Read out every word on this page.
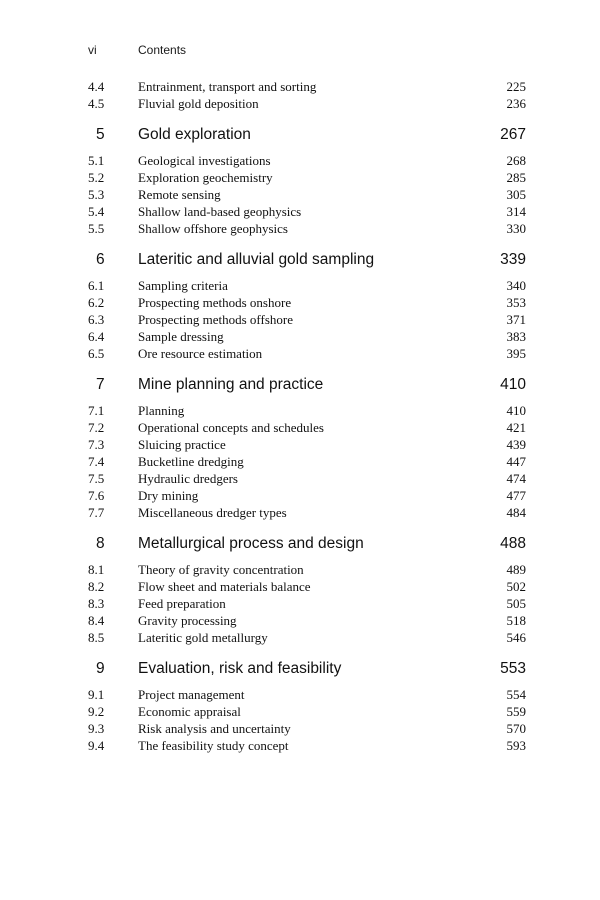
vi	Contents
4.4	Entrainment, transport and sorting	225
4.5	Fluvial gold deposition	236
5 Gold exploration	267
5.1	Geological investigations	268
5.2	Exploration geochemistry	285
5.3	Remote sensing	305
5.4	Shallow land-based geophysics	314
5.5	Shallow offshore geophysics	330
6 Lateritic and alluvial gold sampling	339
6.1	Sampling criteria	340
6.2	Prospecting methods onshore	353
6.3	Prospecting methods offshore	371
6.4	Sample dressing	383
6.5	Ore resource estimation	395
7 Mine planning and practice	410
7.1	Planning	410
7.2	Operational concepts and schedules	421
7.3	Sluicing practice	439
7.4	Bucketline dredging	447
7.5	Hydraulic dredgers	474
7.6	Dry mining	477
7.7	Miscellaneous dredger types	484
8 Metallurgical process and design	488
8.1	Theory of gravity concentration	489
8.2	Flow sheet and materials balance	502
8.3	Feed preparation	505
8.4	Gravity processing	518
8.5	Lateritic gold metallurgy	546
9 Evaluation, risk and feasibility	553
9.1	Project management	554
9.2	Economic appraisal	559
9.3	Risk analysis and uncertainty	570
9.4	The feasibility study concept	593
